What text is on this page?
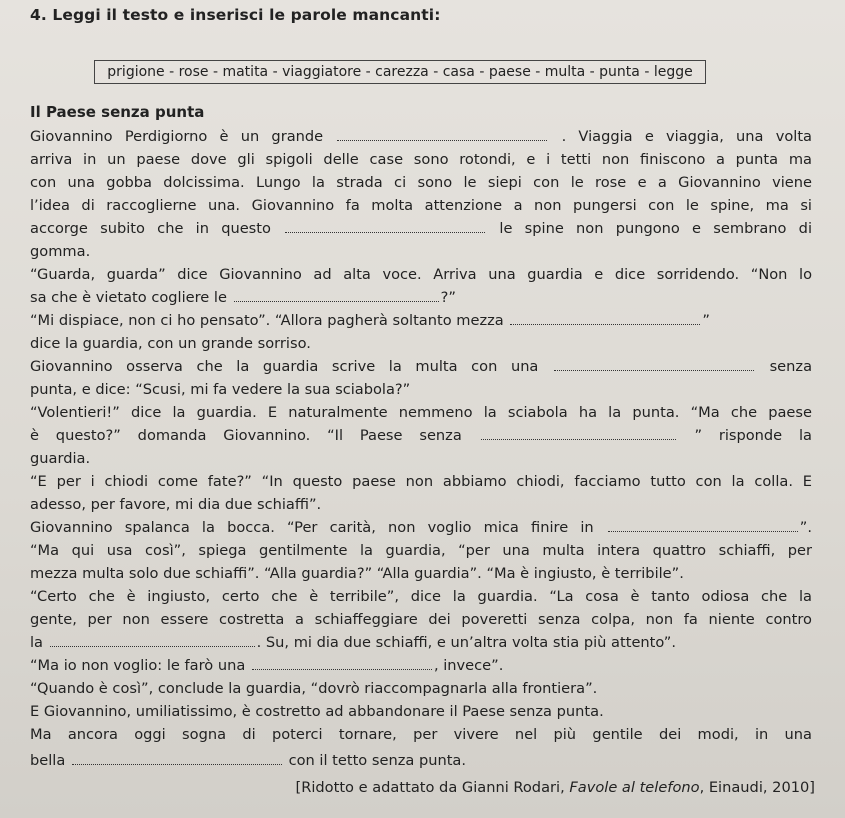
4. Leggi il testo e inserisci le parole mancanti:
prigione - rose - matita - viaggiatore - carezza - casa - paese - multa - punta - legge
Il Paese senza punta
Giovannino Perdigiorno è un grande	. Viaggia e viaggia, una volta
arriva in un paese dove gli spigoli delle case sono rotondi, e i tetti non finiscono a punta ma
con una gobba dolcissima. Lungo la strada ci sono le siepi con le rose e a Giovannino viene
l’idea di raccoglierne una. Giovannino fa molta attenzione a non pungersi con le spine, ma si
accorge subito che in questo	le spine non pungono e sembrano di
gomma.
“Guarda, guarda” dice Giovannino ad alta voce. Arriva una guardia e dice sorridendo. “Non lo
sa che è vietato cogliere le	?”
“Mi dispiace, non ci ho pensato”. “Allora pagherà soltanto mezza	”
dice la guardia, con un grande sorriso.
Giovannino osserva che la guardia scrive la multa con una	senza
punta, e dice: “Scusi, mi fa vedere la sua sciabola?”
“Volentieri!” dice la guardia. E naturalmente nemmeno la sciabola ha la punta. “Ma che paese
è questo?” domanda Giovannino. “Il Paese senza	” risponde la
guardia.
“E per i chiodi come fate?” “In questo paese non abbiamo chiodi, facciamo tutto con la colla. E
adesso, per favore, mi dia due schiaffi”.
Giovannino spalanca la bocca. “Per carità, non voglio mica finire in	”.
“Ma qui usa così”, spiega gentilmente la guardia, “per una multa intera quattro schiaffi, per
mezza multa solo due schiaffi”. “Alla guardia?” “Alla guardia”. “Ma è ingiusto, è terribile”.
“Certo che è ingiusto, certo che è terribile”, dice la guardia. “La cosa è tanto odiosa che la
gente, per non essere costretta a schiaffeggiare dei poveretti senza colpa, non fa niente contro
la	. Su, mi dia due schiaffi, e un’altra volta stia più attento”.
“Ma io non voglio: le farò una	, invece”.
“Quando è così”, conclude la guardia, “dovrò riaccompagnarla alla frontiera”.
E Giovannino, umiliatissimo, è costretto ad abbandonare il Paese senza punta.
Ma ancora oggi sogna di poterci tornare, per vivere nel più gentile dei modi, in una
bella	con il tetto senza punta.
[Ridotto e adattato da Gianni Rodari, Favole al telefono, Einaudi, 2010]
